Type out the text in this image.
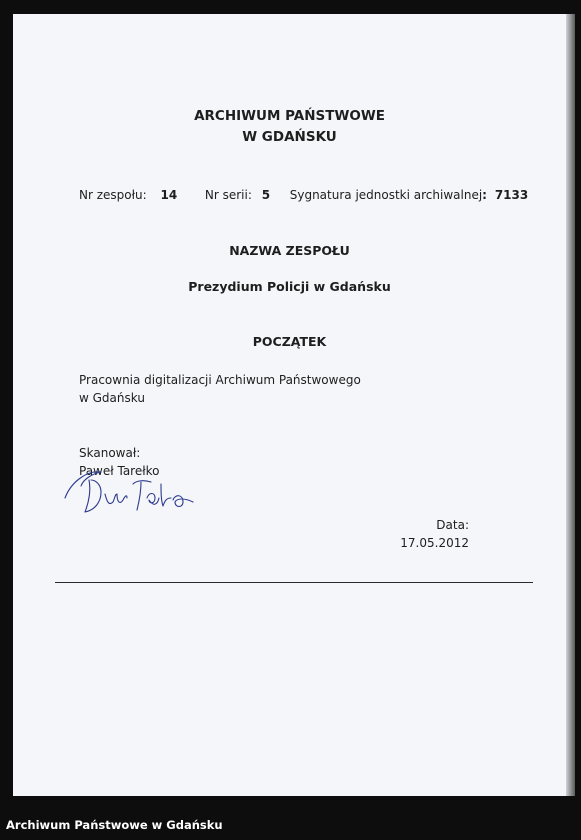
ARCHIWUM PAŃSTWOWE
W GDAŃSKU
Nr zespołu: 14 Nr serii: 5 Sygnatura jednostki archiwalnej: 7133
NAZWA ZESPOŁU
Prezydium Policji w Gdańsku
POCZĄTEK
Pracownia digitalizacji Archiwum Państwowego
w Gdańsku
Skanował:
Paweł Tarełko
Data:
17.05.2012
Archiwum Państwowe w Gdańsku
